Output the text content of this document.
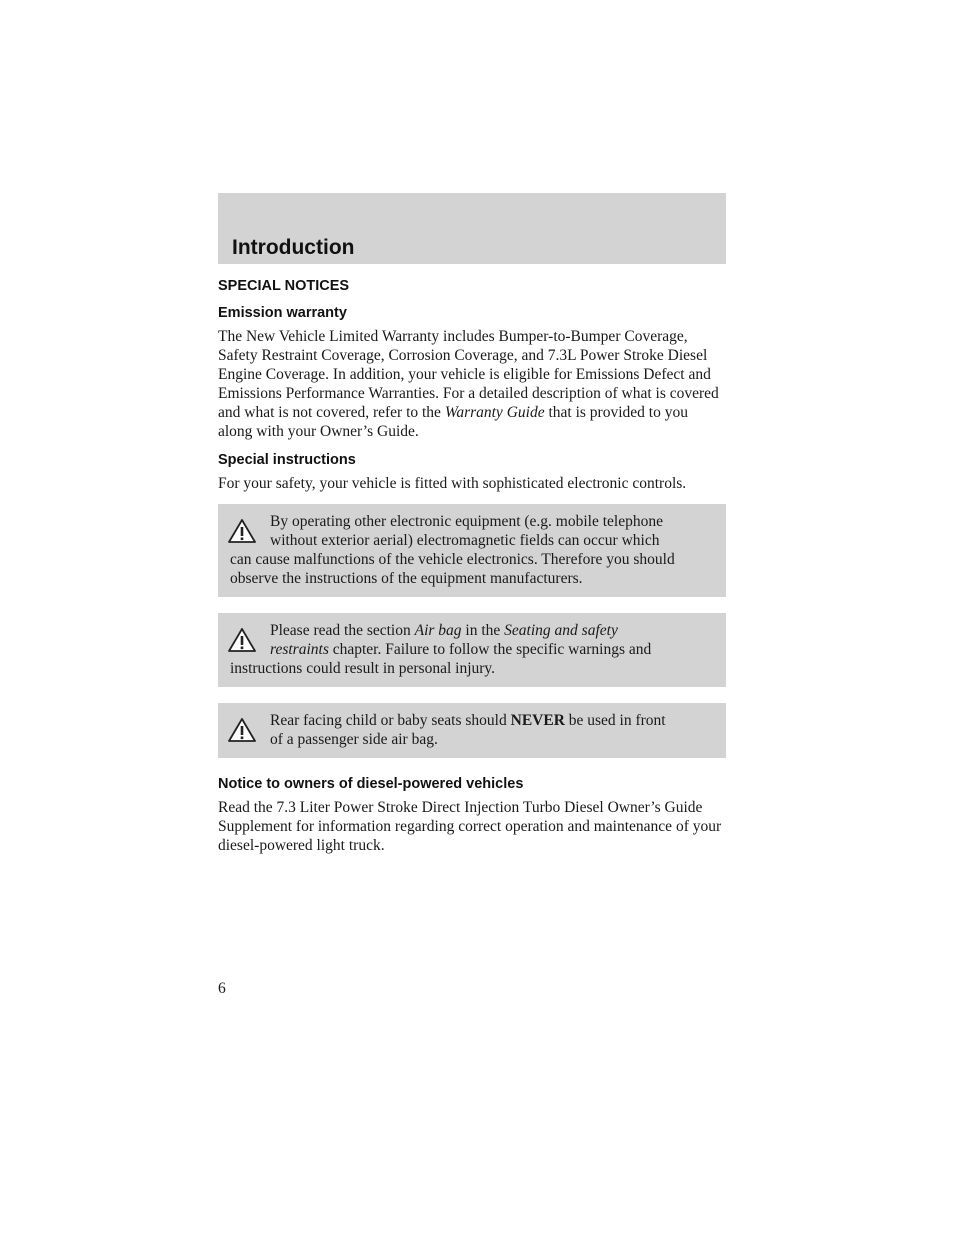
Introduction
SPECIAL NOTICES
Emission warranty

The New Vehicle Limited Warranty includes Bumper-to-Bumper Coverage, Safety Restraint Coverage, Corrosion Coverage, and 7.3L Power Stroke Diesel Engine Coverage. In addition, your vehicle is eligible for Emissions Defect and Emissions Performance Warranties. For a detailed description of what is covered and what is not covered, refer to the Warranty Guide that is provided to you along with your Owner’s Guide.

Special instructions

For your safety, your vehicle is fitted with sophisticated electronic controls.

By operating other electronic equipment (e.g. mobile telephone
without exterior aerial) electromagnetic fields can occur which
can cause malfunctions of the vehicle electronics. Therefore you should observe the instructions of the equipment manufacturers.
Please read the section Air bag in the Seating and safety
restraints chapter. Failure to follow the specific warnings and
instructions could result in personal injury.
Rear facing child or baby seats should NEVER be used in front
of a passenger side air bag.
Notice to owners of diesel-powered vehicles

Read the 7.3 Liter Power Stroke Direct Injection Turbo Diesel Owner’s Guide Supplement for information regarding correct operation and maintenance of your diesel-powered light truck.

6
